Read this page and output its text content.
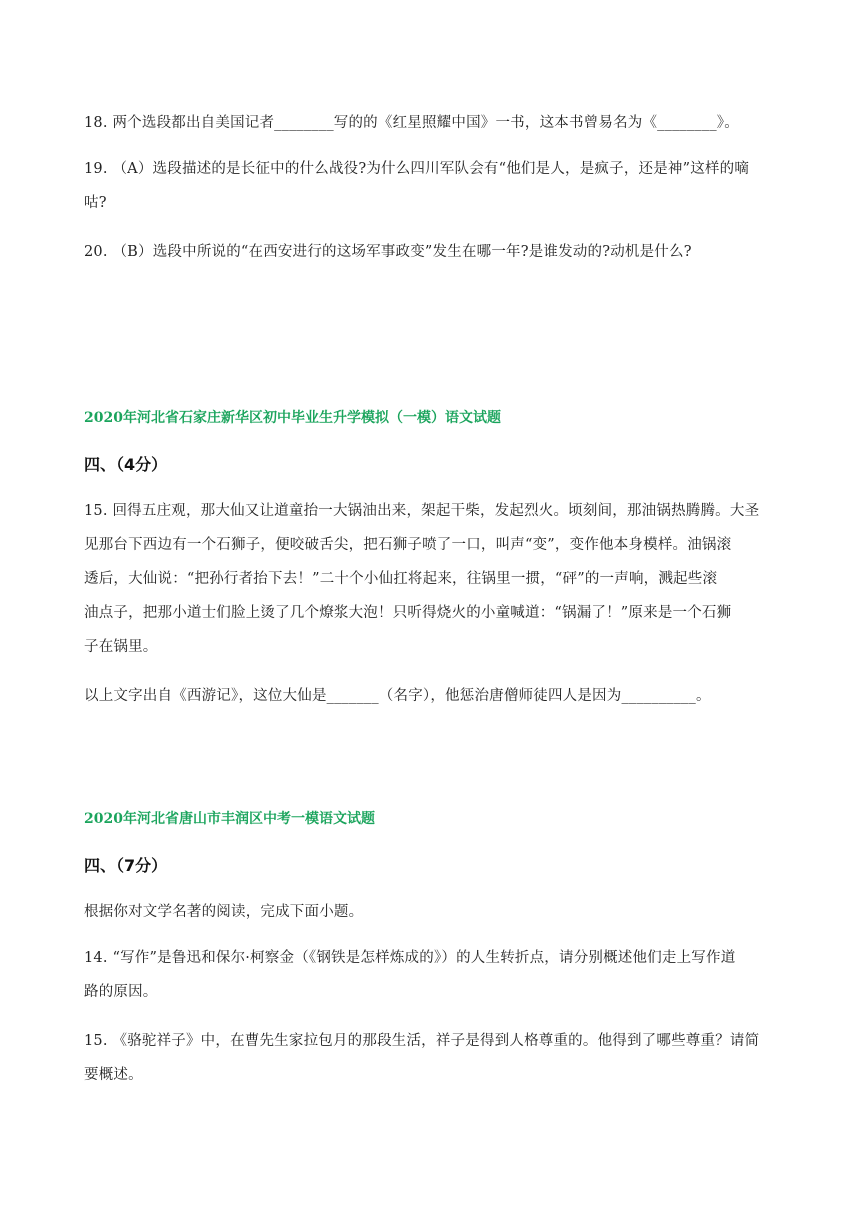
18. 两个选段都出自美国记者________写的的《红星照耀中国》一书，这本书曾易名为《________》。
19. （A）选段描述的是长征中的什么战役?为什么四川军队会有“他们是人，是疯子，还是神”这样的嘀
咕?
20. （B）选段中所说的“在西安进行的这场军事政变”发生在哪一年?是谁发动的?动机是什么?
2020年河北省石家庄新华区初中毕业生升学模拟（一模）语文试题
四、（4分）
15. 回得五庄观，那大仙又让道童抬一大锅油出来，架起干柴，发起烈火。顷刻间，那油锅热腾腾。大圣
见那台下西边有一个石狮子，便咬破舌尖，把石狮子喷了一口，叫声“变”，变作他本身模样。油锅滚
透后，大仙说：“把孙行者抬下去！”二十个小仙扛将起来，往锅里一掼，“砰”的一声响，溅起些滚
油点子，把那小道士们脸上烫了几个燎浆大泡！只听得烧火的小童喊道：“锅漏了！”原来是一个石狮
子在锅里。
以上文字出自《西游记》，这位大仙是_______（名字），他惩治唐僧师徒四人是因为__________。
2020年河北省唐山市丰润区中考一模语文试题
四、（7分）
根据你对文学名著的阅读，完成下面小题。
14. “写作”是鲁迅和保尔·柯察金（《钢铁是怎样炼成的》）的人生转折点，请分别概述他们走上写作道
路的原因。
15. 《骆驼祥子》中，在曹先生家拉包月的那段生活，祥子是得到人格尊重的。他得到了哪些尊重？请简
要概述。
